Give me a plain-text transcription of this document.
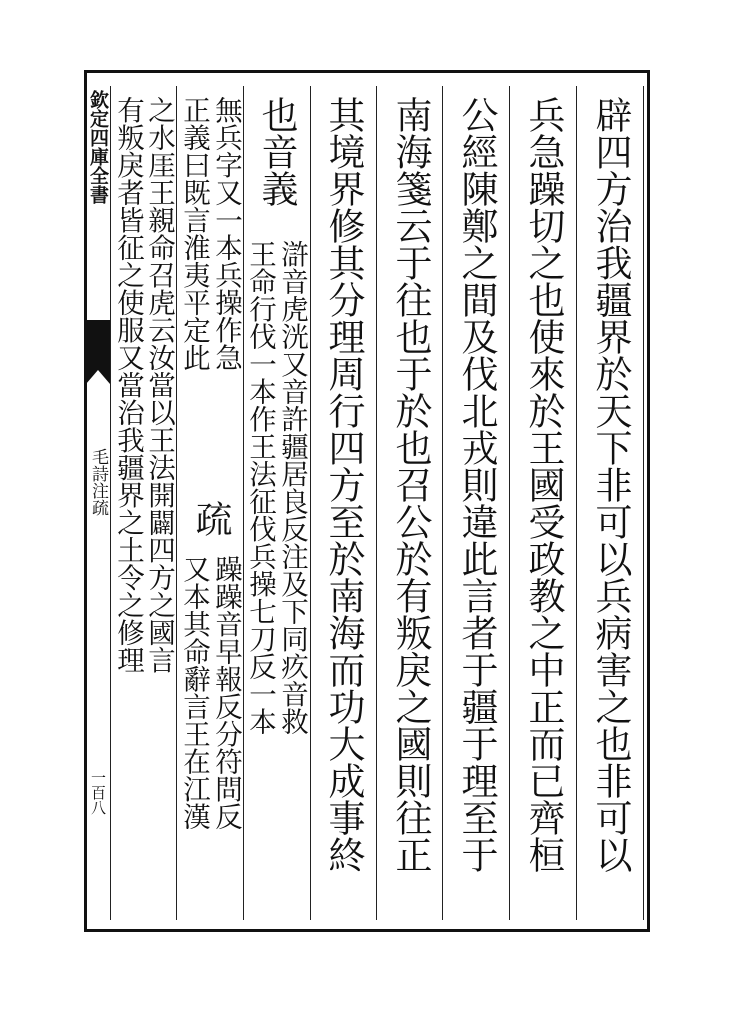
欽定四庫全書
毛詩注疏
一百八	辟四方治我疆界於天下非可以兵病害之也非可以
兵急躁切之也使來於王國受政教之中正而已齊桓
公經陳鄭之間及伐北戎則違此言者于疆于理至于
南海箋云于往也于於也召公於有叛戾之國則往正
其境界修其分理周行四方至於南海而功大成事終
也音義
滸音虎洸又音許疆居良反注及下同疚音救
王命行伐一本作王法征伐兵操七刀反一本
無兵字又一本兵操作急
正義曰既言淮夷平定此
疏
躁躁音早報反分符問反
又本其命辭言王在江漢
之水厓王親命召虎云汝當以王法開闢四方之國言
有叛戾者皆征之使服又當治我疆界之土令之修理
